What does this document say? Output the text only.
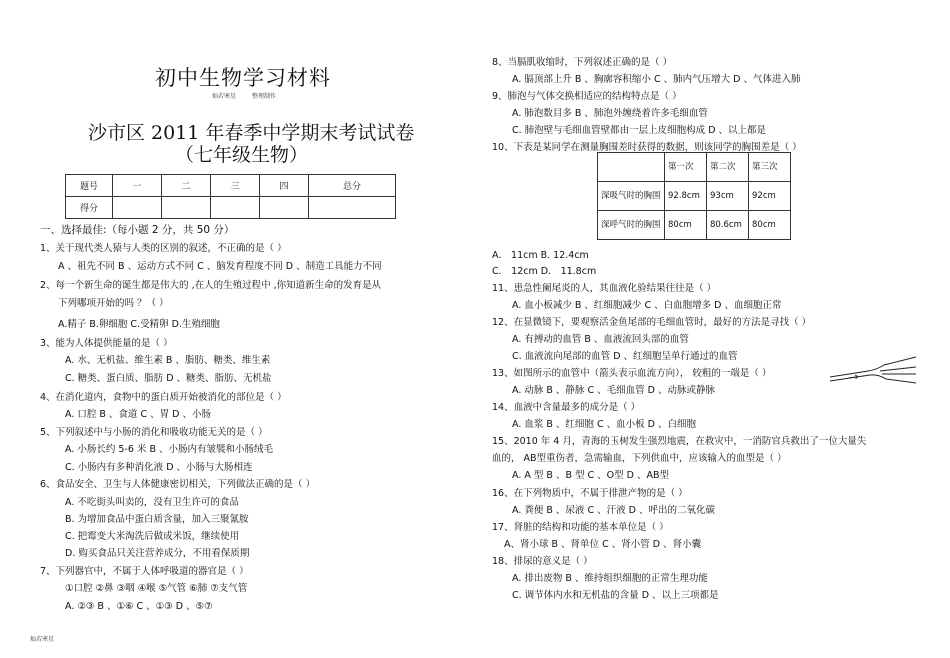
初中生物学习材料
灿若寒星	整理制作
沙市区 2011 年春季中学期末考试试卷
（七年级生物）
题号	一	二	三	四	总分
得分					
一、选择最佳:（每小题 2 分，共 50 分）
1、关于现代类人猿与人类的区别的叙述，不正确的是（ ）
A 、祖先不同 B 、运动方式不同 C 、脑发育程度不同 D 、制造工具能力不同
2、每一个新生命的诞生都是伟大的 ,在人的生殖过程中 ,你知道新生命的发育是从
下列哪项开始的吗 ？（ ）
A.精子 B.卵细胞 C.受精卵 D.生殖细胞
3、能为人体提供能量的是（ ）
A. 水、无机盐、维生素 B 、脂肪、糖类、维生素
C. 糖类、蛋白质、脂肪 D 、糖类、脂肪、无机盐
4、在消化道内，食物中的蛋白质开始被消化的部位是（ ）
A. 口腔 B 、食道 C 、胃 D 、小肠
5、下列叙述中与小肠的消化和吸收功能无关的是（ ）
A. 小肠长约 5-6 米 B 、小肠内有皱襞和小肠绒毛
C. 小肠内有多种消化液 D 、小肠与大肠相连
6、食品安全、卫生与人体健康密切相关，下列做法正确的是（ ）
A. 不吃街头叫卖的，没有卫生许可的食品
B. 为增加食品中蛋白质含量，加入三聚氰胺
C. 把霉变大米淘洗后做成米饭，继续使用
D. 购买食品只关注营养成分，不用看保质期
7、下列器官中，不属于人体呼吸道的器官是（ ）
①口腔 ②鼻 ③咽 ④喉 ⑤气管 ⑥肺 ⑦支气管
A. ②③ B 、①⑥ C 、①③ D 、⑤⑦
灿若寒星
8、当膈肌收缩时，下列叙述正确的是（ ）
A. 膈顶部上升 B 、胸廓容积缩小 C 、肺内气压增大 D 、气体进入肺
9、肺泡与气体交换相适应的结构特点是（ ）
A. 肺泡数目多 B 、肺泡外缠绕着许多毛细血管
C. 肺泡壁与毛细血管壁都由一层上皮细胞构成 D 、以上都是
10、下表是某同学在测量胸围差时获得的数据，则该同学的胸围差是（ ）
	第一次	第二次	第三次
深吸气时的胸围	92.8cm	93cm	92cm
深呼气时的胸围	80cm	80.6cm	80cm
A． 11cm B. 12.4cm
C． 12cm D． 11.8cm
11、患急性阑尾炎的人，其血液化验结果往往是（ ）
A. 血小板减少 B 、红细胞减少 C 、白血胞增多 D 、血细胞正常
12、在显微镜下，要观察活金鱼尾部的毛细血管时，最好的方法是寻找（ ）
A. 有搏动的血管 B 、血液流回头部的血管
C. 血液流向尾部的血管 D 、红细胞呈单行通过的血管
13、如图所示的血管中（箭头表示血流方向）， 较粗的一端是（ ）
A. 动脉 B 、静脉 C 、毛细血管 D 、动脉或静脉
14、血液中含量最多的成分是（ ）
A. 血浆 B 、红细胞 C 、血小板 D 、白细胞
15、2010 年 4 月，青海的玉树发生强烈地震，在救灾中，一消防官兵救出了一位大量失
血的， AB型重伤者，急需输血，下列供血中，应该输入的血型是（ ）
A. A 型 B 、B 型 C 、O型 D 、AB型
16、在下列物质中，不属于排泄产物的是（ ）
A. 粪便 B 、尿液 C 、汗液 D 、呼出的二氧化碳
17、肾脏的结构和功能的基本单位是（ ）
A、肾小球 B 、肾单位 C 、肾小管 D 、肾小囊
18、排尿的意义是（ ）
A. 排出废物 B 、维持组织细胞的正常生理功能
C. 调节体内水和无机盐的含量 D 、以上三项都是
